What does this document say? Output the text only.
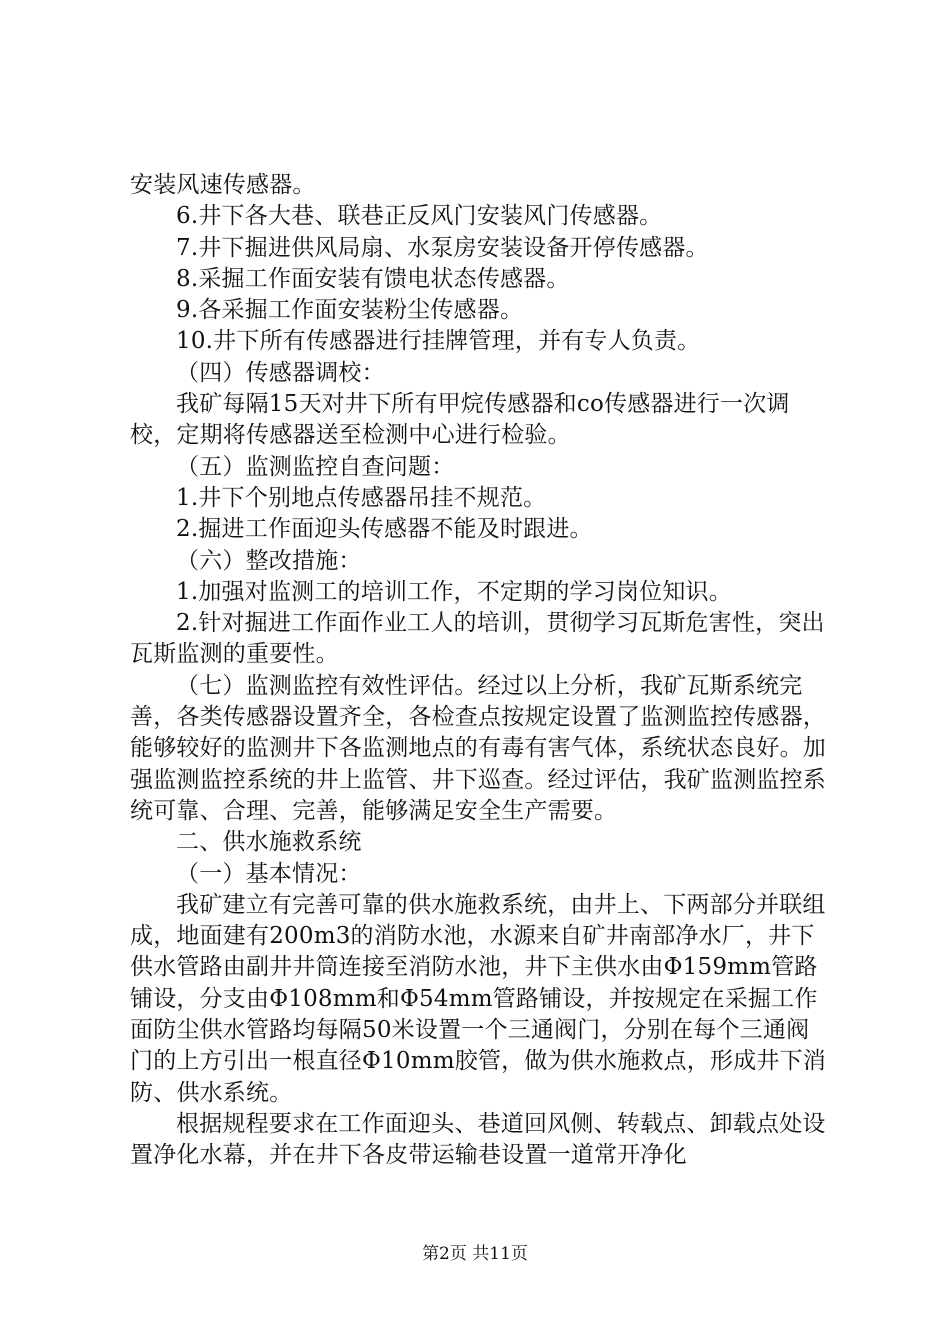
安装风速传感器。

6.井下各大巷、联巷正反风门安装风门传感器。

7.井下掘进供风局扇、水泵房安装设备开停传感器。

8.采掘工作面安装有馈电状态传感器。

9.各采掘工作面安装粉尘传感器。

10.井下所有传感器进行挂牌管理，并有专人负责。

（四）传感器调校：

我矿每隔15天对井下所有甲烷传感器和co传感器进行一次调校，定期将传感器送至检测中心进行检验。

（五）监测监控自查问题：

1.井下个别地点传感器吊挂不规范。

2.掘进工作面迎头传感器不能及时跟进。

（六）整改措施：

1.加强对监测工的培训工作，不定期的学习岗位知识。

2.针对掘进工作面作业工人的培训，贯彻学习瓦斯危害性，突出瓦斯监测的重要性。

（七）监测监控有效性评估。经过以上分析，我矿瓦斯系统完善，各类传感器设置齐全，各检查点按规定设置了监测监控传感器，能够较好的监测井下各监测地点的有毒有害气体，系统状态良好。加强监测监控系统的井上监管、井下巡查。经过评估，我矿监测监控系统可靠、合理、完善，能够满足安全生产需要。

二、供水施救系统

（一）基本情况：

我矿建立有完善可靠的供水施救系统，由井上、下两部分并联组成，地面建有200m3的消防水池，水源来自矿井南部净水厂，井下供水管路由副井井筒连接至消防水池，井下主供水由Φ159mm管路铺设，分支由Φ108mm和Φ54mm管路铺设，并按规定在采掘工作面防尘供水管路均每隔50米设置一个三通阀门，分别在每个三通阀门的上方引出一根直径Φ10mm胶管，做为供水施救点，形成井下消防、供水系统。

根据规程要求在工作面迎头、巷道回风侧、转载点、卸载点处设置净化水幕，并在井下各皮带运输巷设置一道常开净化

第2页 共11页
